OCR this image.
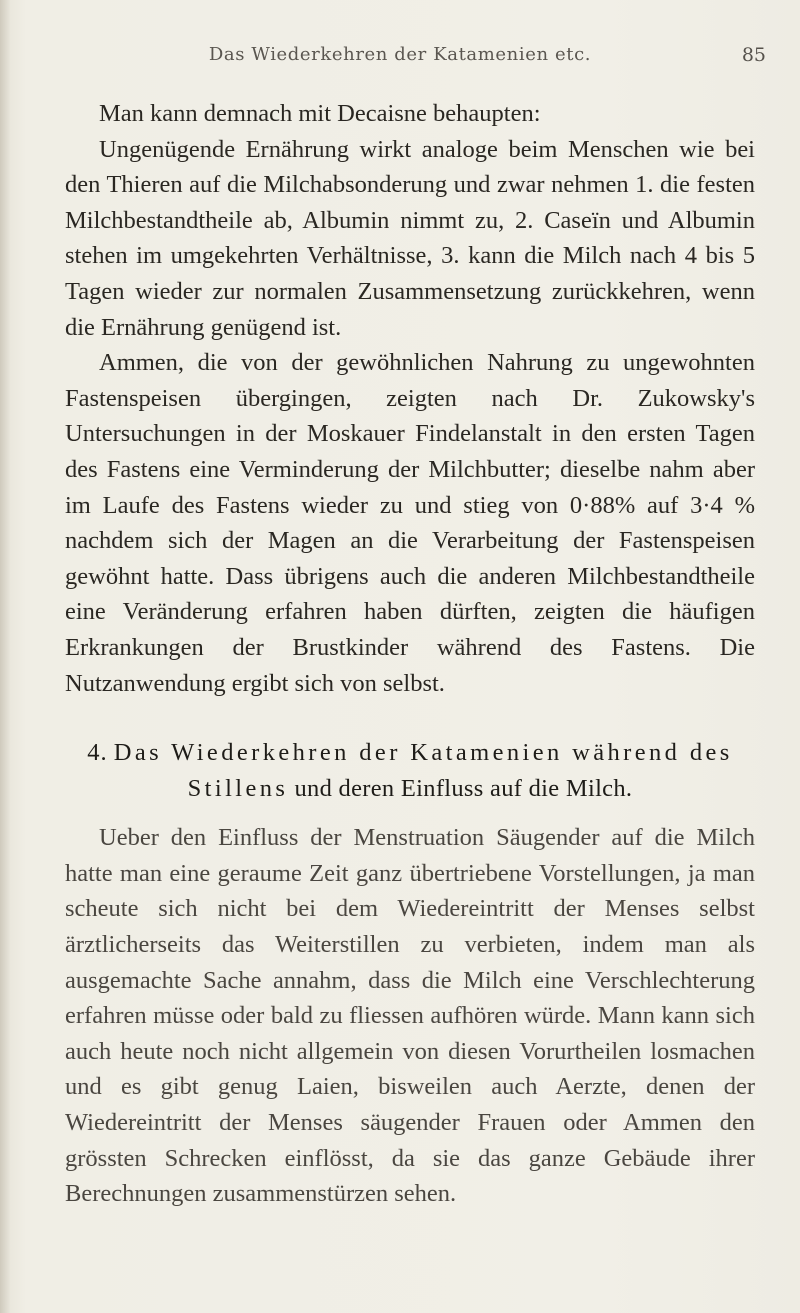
Das Wiederkehren der Katamenien etc.	85

Man kann demnach mit Decaisne behaupten:

Ungenügende Ernährung wirkt analoge beim Menschen wie bei den Thieren auf die Milchabsonderung und zwar nehmen 1. die festen Milchbestandtheile ab, Albumin nimmt zu, 2. Caseïn und Albumin stehen im umgekehrten Verhältnisse, 3. kann die Milch nach 4 bis 5 Tagen wieder zur normalen Zusammensetzung zurückkehren, wenn die Ernährung genügend ist.

Ammen, die von der gewöhnlichen Nahrung zu ungewohnten Fastenspeisen übergingen, zeigten nach Dr. Zukowsky's Untersuchungen in der Moskauer Findelanstalt in den ersten Tagen des Fastens eine Verminderung der Milchbutter; dieselbe nahm aber im Laufe des Fastens wieder zu und stieg von 0·88% auf 3·4 % nachdem sich der Magen an die Verarbeitung der Fastenspeisen gewöhnt hatte. Dass übrigens auch die anderen Milchbestandtheile eine Veränderung erfahren haben dürften, zeigten die häufigen Erkrankungen der Brustkinder während des Fastens. Die Nutzanwendung ergibt sich von selbst.

4. Das Wiederkehren der Katamenien während des Stillens und deren Einfluss auf die Milch.

Ueber den Einfluss der Menstruation Säugender auf die Milch hatte man eine geraume Zeit ganz übertriebene Vorstellungen, ja man scheute sich nicht bei dem Wiedereintritt der Menses selbst ärztlicherseits das Weiterstillen zu verbieten, indem man als ausgemachte Sache annahm, dass die Milch eine Verschlechterung erfahren müsse oder bald zu fliessen aufhören würde. Mann kann sich auch heute noch nicht allgemein von diesen Vorurtheilen losmachen und es gibt genug Laien, bisweilen auch Aerzte, denen der Wiedereintritt der Menses säugender Frauen oder Ammen den grössten Schrecken einflösst, da sie das ganze Gebäude ihrer Berechnungen zusammenstürzen sehen.
